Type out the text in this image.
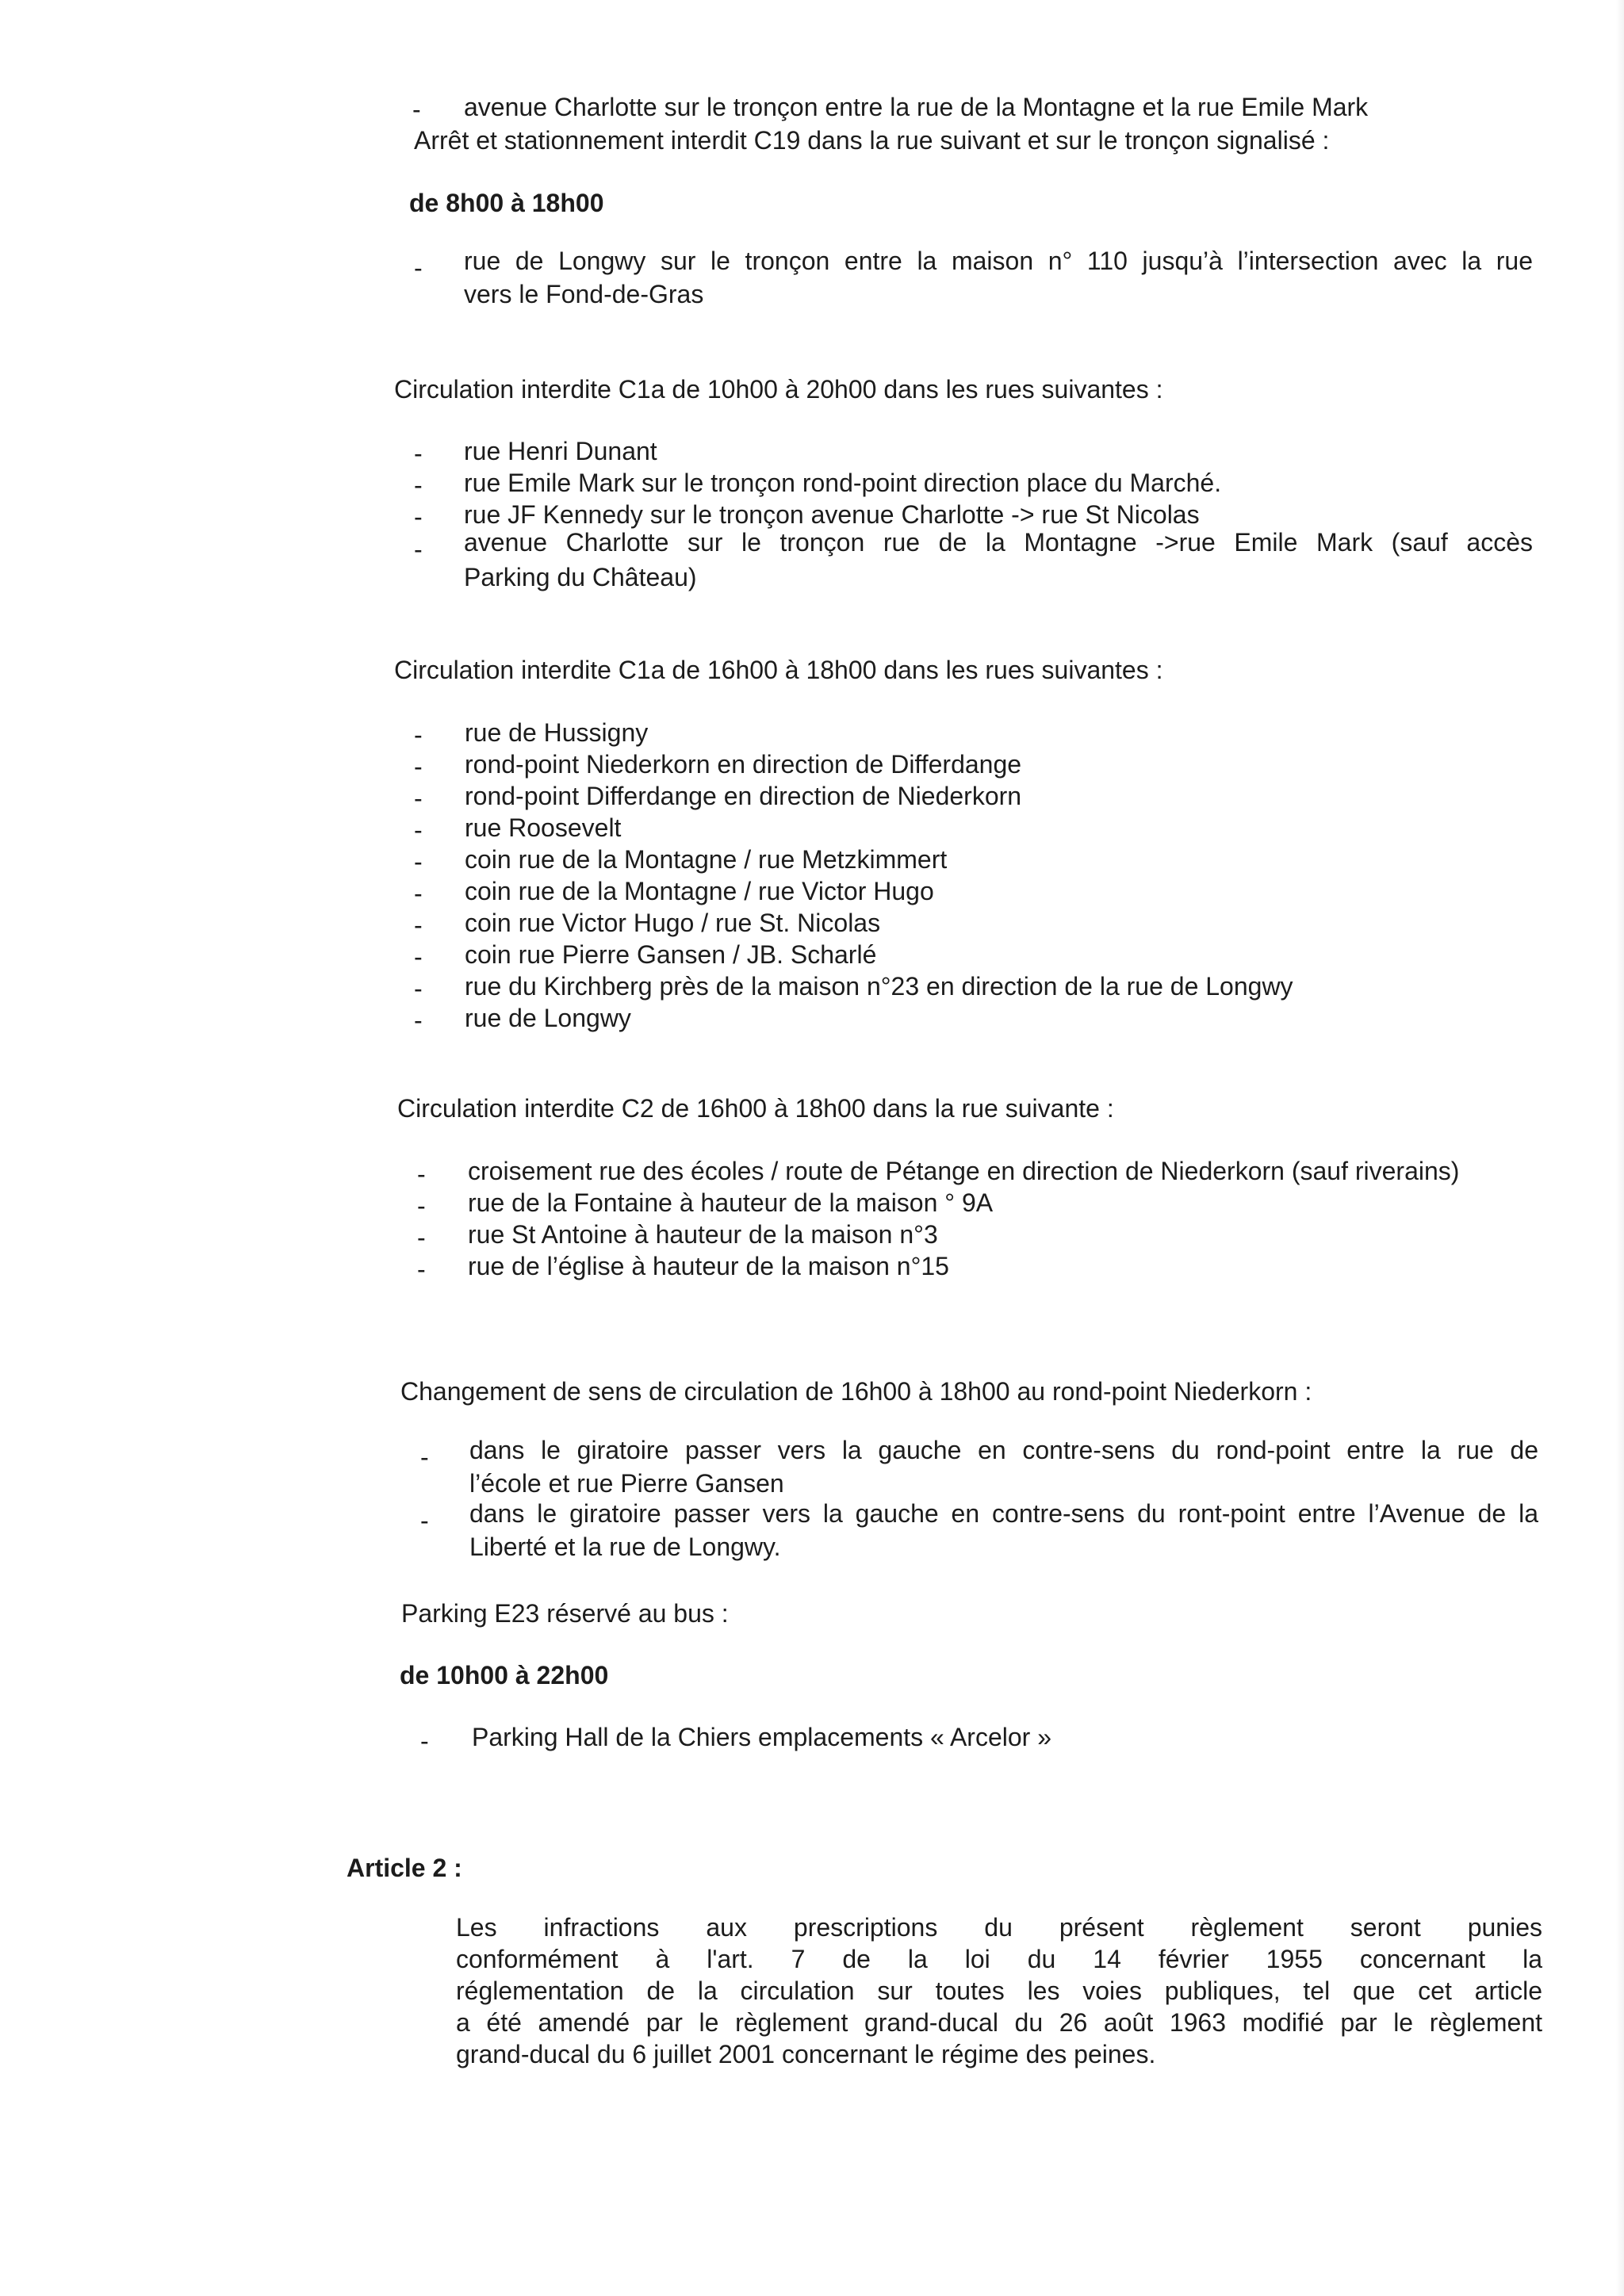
- avenue Charlotte sur le tronçon entre la rue de la Montagne et la rue Emile Mark
Arrêt et stationnement interdit C19 dans la rue suivant et sur le tronçon signalisé :
de 8h00 à 18h00
- rue de Longwy sur le tronçon entre la maison n° 110 jusqu’à l’intersection avec la rue
vers le Fond-de-Gras
Circulation interdite C1a de 10h00 à 20h00 dans les rues suivantes :
- rue Henri Dunant
- rue Emile Mark sur le tronçon rond-point direction place du Marché.
- rue JF Kennedy sur le tronçon avenue Charlotte -> rue St Nicolas
- avenue Charlotte sur le tronçon rue de la Montagne ->rue Emile Mark (sauf accès
Parking du Château)
Circulation interdite C1a de 16h00 à 18h00 dans les rues suivantes :
- rue de Hussigny
- rond-point Niederkorn en direction de Differdange
- rond-point Differdange en direction de Niederkorn
- rue Roosevelt
- coin rue de la Montagne / rue Metzkimmert
- coin rue de la Montagne / rue Victor Hugo
- coin rue Victor Hugo / rue St. Nicolas
- coin rue Pierre Gansen / JB. Scharlé
- rue du Kirchberg près de la maison n°23 en direction de la rue de Longwy
- rue de Longwy
Circulation interdite C2 de 16h00 à 18h00 dans la rue suivante :
- croisement rue des écoles / route de Pétange en direction de Niederkorn (sauf riverains)
- rue de la Fontaine à hauteur de la maison ° 9A
- rue St Antoine à hauteur de la maison n°3
- rue de l’église à hauteur de la maison n°15
Changement de sens de circulation de 16h00 à 18h00 au rond-point Niederkorn :
- dans le giratoire passer vers la gauche en contre-sens du rond-point entre la rue de
l’école et rue Pierre Gansen
- dans le giratoire passer vers la gauche en contre-sens du ront-point entre l’Avenue de la
Liberté et la rue de Longwy.
Parking E23 réservé au bus :
de 10h00 à 22h00
- Parking Hall de la Chiers emplacements « Arcelor »
Article 2 :
Les infractions aux prescriptions du présent règlement seront punies
conformément à l'art. 7 de la loi du 14 février 1955 concernant la
réglementation de la circulation sur toutes les voies publiques, tel que cet article
a été amendé par le règlement grand-ducal du 26 août 1963 modifié par le règlement
grand-ducal du 6 juillet 2001 concernant le régime des peines.
